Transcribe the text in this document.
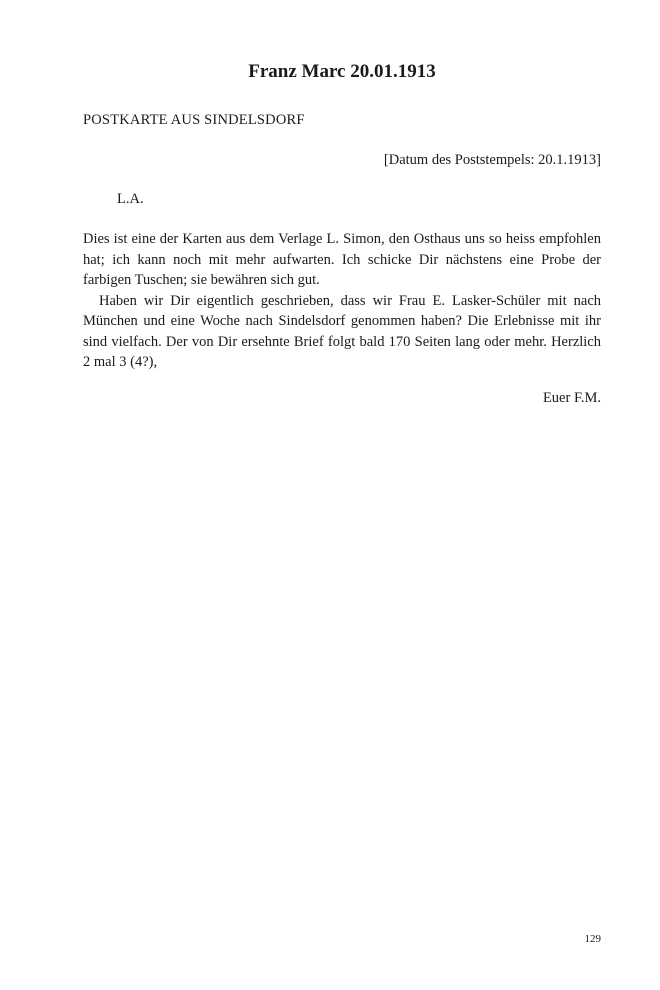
Franz Marc 20.01.1913
POSTKARTE AUS SINDELSDORF
[Datum des Poststempels: 20.1.1913]
L.A.

Dies ist eine der Karten aus dem Verlage L. Simon, den Osthaus uns so heiss empfohlen hat; ich kann noch mit mehr aufwarten. Ich schicke Dir nächstens eine Probe der farbigen Tuschen; sie bewähren sich gut.

Haben wir Dir eigentlich geschrieben, dass wir Frau E. Lasker-Schüler mit nach München und eine Woche nach Sindelsdorf genommen haben? Die Erlebnisse mit ihr sind vielfach. Der von Dir ersehnte Brief folgt bald 170 Seiten lang oder mehr. Herzlich 2 mal 3 (4?),

Euer F.M.
129
